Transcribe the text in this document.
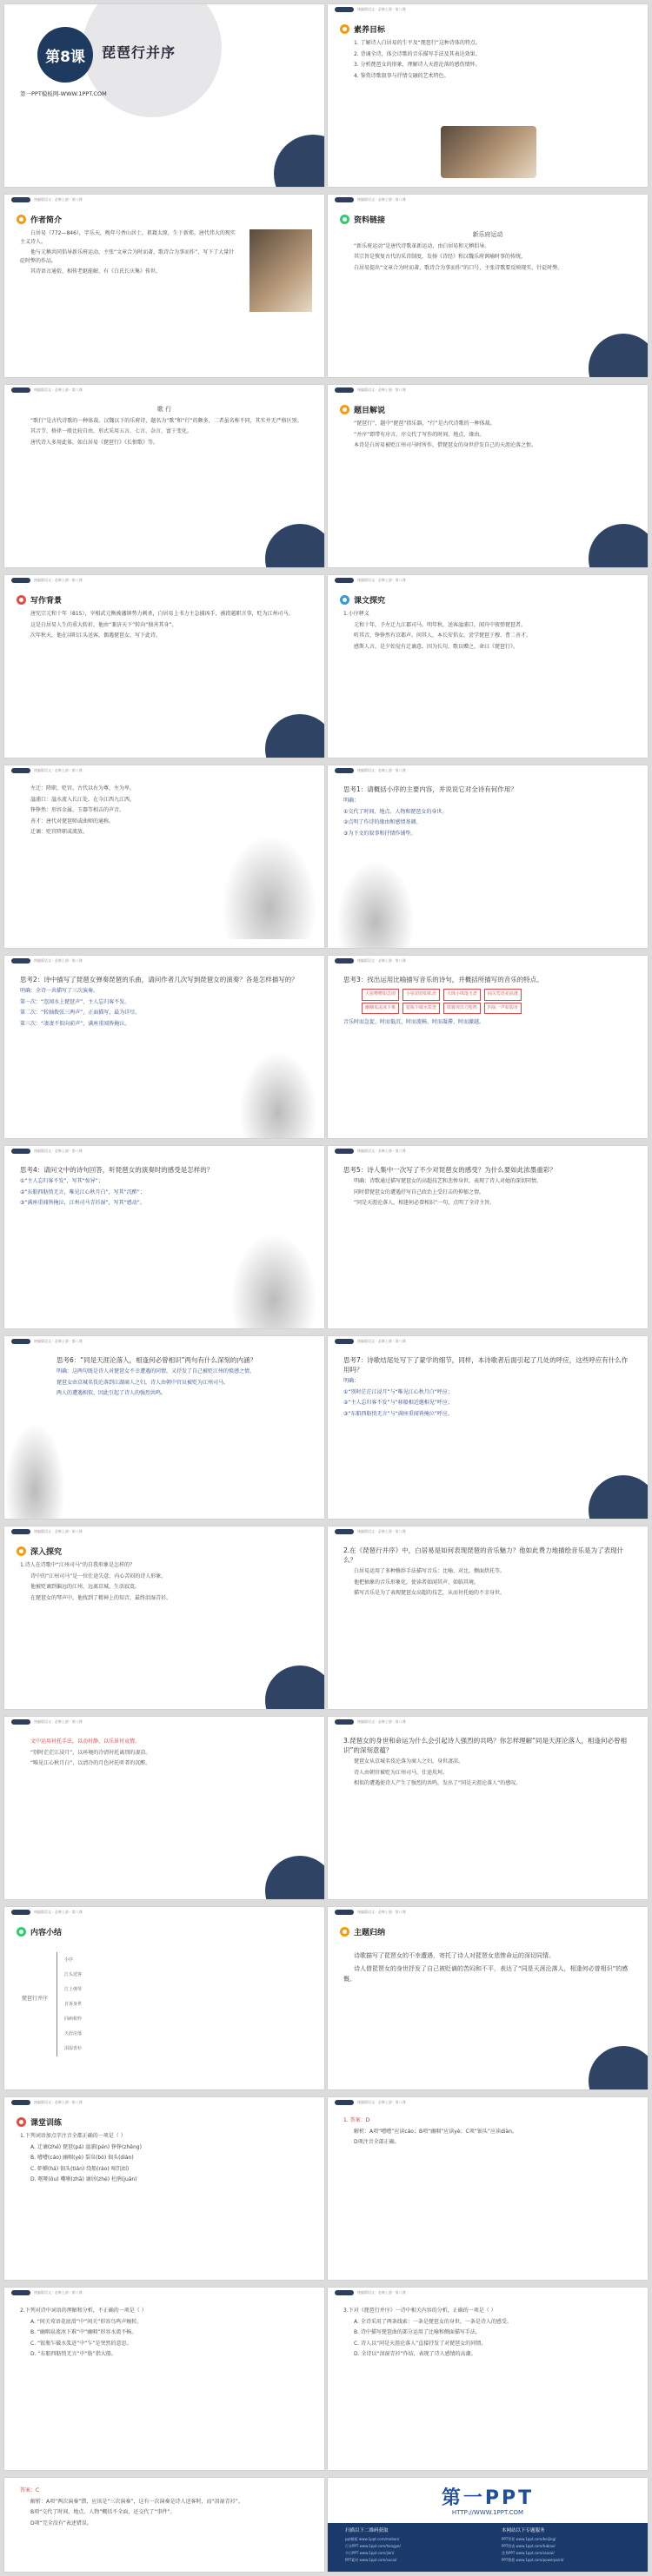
第8课	琵琶行并序
第一PPT模板网-WWW.1PPT.COM
统编版语文 · 必修上册 · 第八课
素养目标

1. 了解诗人白居易的生平及“琵琶行”这种诗体的特点。

2. 背诵全诗，体会诗歌的音乐描写手法及其表达效果。

3. 分析琵琶女的形象，理解诗人天涯沦落的感伤情怀。

4. 鉴赏诗歌叙事与抒情交融的艺术特色。

统编版语文 · 必修上册 · 第八课
作者简介

白居易（772—846），字乐天，晚年号香山居士，祖籍太原，生于新郑。唐代伟大的现实主义诗人。

他与元稹共同倡导新乐府运动，主张“文章合为时而著，歌诗合为事而作”，写下了大量针砭时弊的作品。

其诗语言通俗，相传老妪能解，有《白氏长庆集》传世。

统编版语文 · 必修上册 · 第八课
资料链接

新乐府运动

“新乐府运动”是唐代诗歌革新运动，由白居易和元稹倡导。

其宗旨是恢复古代的采诗制度，发扬《诗经》和汉魏乐府讽喻时事的传统。

白居易提出“文章合为时而著，歌诗合为事而作”的口号，主张诗歌要反映现实、针砭时弊。

统编版语文 · 必修上册 · 第八课

歌 行

“歌行”是古代诗歌的一种体裁。汉魏以下的乐府诗，题名为“歌”和“行”的颇多，二者虽名称不同，其实并无严格区别。

其音节、格律一般比较自由，形式采用五言、七言、杂言，富于变化。

唐代诗人多用此体，如白居易《琵琶行》《长恨歌》等。

统编版语文 · 必修上册 · 第八课
题目解说

“琵琶行”，题中“琵琶”指乐器，“行”是古代诗歌的一种体裁。

“并序”即带有序言。序交代了写作的时间、地点、缘由。

本诗是白居易被贬江州司马时所作，借琵琶女的身世抒发自己的天涯沦落之恨。

统编版语文 · 必修上册 · 第八课
写作背景

唐宪宗元和十年（815），宰相武元衡被藩镇势力刺杀，白居易上书力主急捕凶手，被指越职言事，贬为江州司马。

这是白居易人生的重大转折，他由“兼济天下”转向“独善其身”。

次年秋天，他在浔阳江头送客，偶遇琵琶女，写下此诗。

统编版语文 · 必修上册 · 第八课
课文探究

1.小序释义

元和十年，予左迁九江郡司马。明年秋，送客湓浦口，闻舟中夜弹琵琶者。

听其音，铮铮然有京都声。问其人，本长安倡女，尝学琵琶于穆、曹二善才。

感斯人言，是夕始觉有迁谪意。因为长句，歌以赠之，命曰《琵琶行》。

统编版语文 · 必修上册 · 第八课

左迁：降职，贬官。古代以右为尊，左为卑。

湓浦口：湓水流入长江处，在今江西九江西。

铮铮然：形容金属、玉器等相击的声音。

善才：唐代对琵琶师或曲师的通称。

迁谪：贬官降职或流放。

统编版语文 · 必修上册 · 第八课

思考1：请概括小序的主要内容，并说说它对全诗有何作用？

明确：

①交代了时间、地点、人物和琵琶女的身世。

②点明了作诗的缘由和感情基调。

③为下文的叙事和抒情作铺垫。

统编版语文 · 必修上册 · 第八课

思考2：诗中描写了琵琶女弹奏琵琶的乐曲，请问作者几次写到琵琶女的演奏？各是怎样描写的？

明确：全诗一共描写了三次演奏。

第一次：“忽闻水上琵琶声”，主人忘归客不发。

第二次：“转轴拨弦三两声”，正面描写，最为详尽。

第三次：“凄凄不似向前声”，满座重闻皆掩泣。

统编版语文 · 必修上册 · 第八课

思考3：找出运用比喻描写音乐的诗句，并概括所描写的音乐的特点。

大弦嘈嘈如急雨 小弦切切如私语 大珠小珠落玉盘 间关莺语花底滑 幽咽泉流冰下难 银瓶乍破水浆迸 铁骑突出刀枪鸣 四弦一声如裂帛

音乐时而急促、时而低沉、时而流畅、时而凝滞、时而激越。

统编版语文 · 必修上册 · 第八课

思考4：请问文中的诗句回答，听琵琶女的演奏时的感受是怎样的？

①“主人忘归客不发”，写其“惊异”；

②“东船西舫悄无言，唯见江心秋月白”，写其“沉醉”；

③“满座重闻皆掩泣，江州司马青衫湿”，写其“感动”。

统编版语文 · 必修上册 · 第八课

思考5：诗人集中一次写了不少对琵琶女的感受？为什么要如此浓墨重彩？

明确：诗歌通过描写琵琶女的高超技艺和悲惨身世，表现了诗人对她的深切同情。

同时借琵琶女的遭遇抒写自己政治上受打击的抑郁之情。

“同是天涯沦落人，相逢何必曾相识”一句，点明了全诗主旨。

统编版语文 · 必修上册 · 第八课

思考6：“同是天涯沦落人，相逢何必曾相识”两句有什么深刻的内涵？

明确：这两句既是诗人对琵琶女不幸遭遇的同情，又抒发了自己被贬江州的愤懑之情。

琵琶女由京城名伎沦落到江湖商人之妇，诗人由朝中官员被贬为江州司马。

两人的遭遇相似，因此引起了诗人的强烈共鸣。

统编版语文 · 必修上册 · 第八课

思考7：诗歌结尾处写下了蒙学的细节，同样，本诗歌者后面引起了几处的呼应，这些呼应有什么作用吗？

明确：

①“别时茫茫江浸月”与“唯见江心秋月白”呼应；

②“主人忘归客不发”与“移船相近邀相见”呼应；

③“东船西舫悄无言”与“满座重闻皆掩泣”呼应。

统编版语文 · 必修上册 · 第八课
深入探究

1.诗人在诗歌中“江州司马”的自我形象是怎样的？

诗中的“江州司马”是一位仕途失意、内心苦闷的诗人形象。

他被贬谪到偏远的江州，远离京城，生活寂寞。

在琵琶女的琴声中，他找到了精神上的知音，最终泪湿青衫。

统编版语文 · 必修上册 · 第八课

2.在《琵琶行并序》中，白居易是如何表现琵琶的音乐魅力？他如此费力地描绘音乐是为了表现什么？

白居易运用了多种修辞手法描写音乐：比喻、对比、侧面烘托等。

他把抽象的音乐形象化，使读者如闻其声、如临其境。

描写音乐是为了表现琵琶女高超的技艺，从而衬托她的不幸身世。

统编版语文 · 必修上册 · 第八课

文中运用衬托手法，以动衬静、以乐景衬哀情。

“别时茫茫江浸月”，以环境的冷清衬托离别的凄凉。

“唯见江心秋月白”，以清冷的月色衬托听者的沉醉。

统编版语文 · 必修上册 · 第八课

3.琵琶女的身世和命运为什么会引起诗人强烈的共鸣？你怎样理解“同是天涯沦落人，相逢何必曾相识”的深刻意蕴？

琵琶女从京城名伎沦落为商人之妇，身世凄凉。

诗人由朝官被贬为江州司马，仕途坎坷。

相似的遭遇使诗人产生了强烈的共鸣，发出了“同是天涯沦落人”的感叹。

统编版语文 · 必修上册 · 第八课
内容小结
琵琶行并序
小序
江头送客
江上弹琴
自诉身世
同病相怜
天涯沦落
泪湿青衫
统编版语文 · 必修上册 · 第八课
主题归纳

诗歌描写了琵琶女的不幸遭遇，寄托了诗人对琵琶女悲惨命运的深切同情。

诗人借琵琶女的身世抒发了自己被贬谪的苦闷和不平，表达了“同是天涯沦落人，相逢何必曾相识”的感慨。

统编版语文 · 必修上册 · 第八课
课堂训练

1.下列词语加点字注音全都正确的一项是（ ）

A. 迁谪(zhé) 琵琶(pá) 湓浦(pén) 铮铮(zhēng)

B. 嘈嘈(cáo) 幽咽(yè) 裂帛(bó) 钿头(diàn)

C. 虾蟆(há) 钿头(tián) 绕船(rào) 啼饥(tí)

D. 呕哑(ōu) 嘲哳(zhā) 谪居(zhé) 杜鹃(juān)

统编版语文 · 必修上册 · 第八课

1. 答案：D

解析：A项“嘈嘈”应读cáo；B项“幽咽”应读yè；C项“钿头”应读diàn。

D项注音全部正确。

统编版语文 · 必修上册 · 第八课

2.下列对诗中词语的理解和分析，不正确的一项是（ ）

A. “间关莺语花底滑”中“间关”形容鸟鸣声婉转。

B. “幽咽泉流冰下难”中“幽咽”形容水流不畅。

C. “银瓶乍破水浆迸”中“乍”是突然的意思。

D. “东船西舫悄无言”中“舫”指大船。

统编版语文 · 必修上册 · 第八课

3.下对《琵琶行并序》一诗中相关内容的分析，正确的一项是（ ）

A. 全诗采用了两条线索：一条是琵琶女的身世，一条是诗人的感受。

B. 诗中描写琵琶曲的部分运用了比喻和侧面描写手法。

C. 诗人以“同是天涯沦落人”直接抒发了对琵琶女的同情。

D. 全诗以“泪湿青衫”作结，表现了诗人感情的高潮。

答案：C

解析：A项“两次演奏”错，应该是“三次演奏”，这有一次演奏是诗人送客时，而“泪湿青衫”。

B项“交代了时间、地点、人物”概括不全面，还交代了“事件”。

D项“完全没有”表述错误。

第一PPT
HTTP://WWW.1PPT.COM
扫描以下二维码获取	本网站以下专题服务
ppt模板 www.1ppt.com/moban/
行业PPT www.1ppt.com/hangye/
节日PPT www.1ppt.com/jieri/
PPT素材 www.1ppt.com/sucai/
PPT背景 www.1ppt.com/beijing/
PPT图表 www.1ppt.com/tubiao/
优秀PPT www.1ppt.com/xiazai/
PPT教程 www.1ppt.com/powerpoint/
